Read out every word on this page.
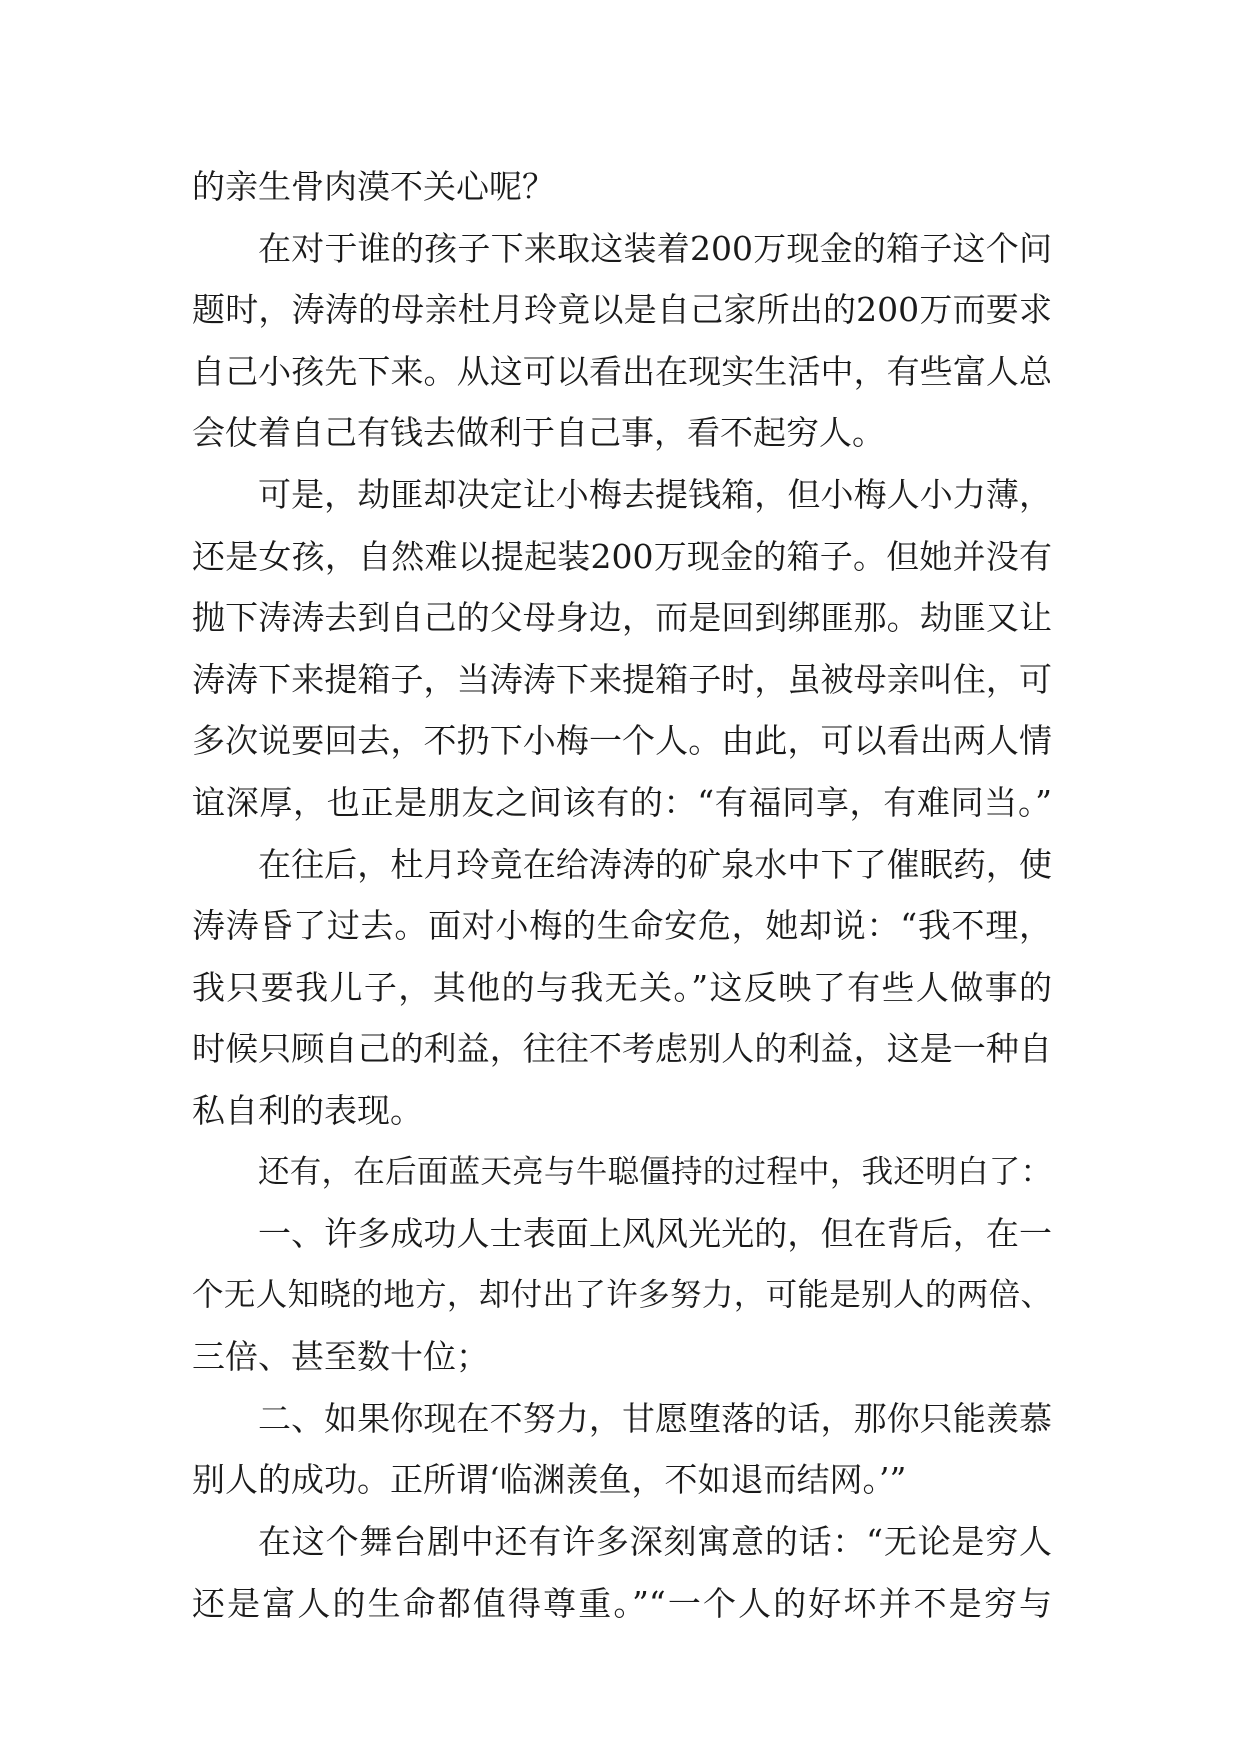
的亲生骨肉漠不关心呢？
在对于谁的孩子下来取这装着200万现金的箱子这个问
题时，涛涛的母亲杜月玲竟以是自己家所出的200万而要求
自己小孩先下来。从这可以看出在现实生活中，有些富人总
会仗着自己有钱去做利于自己事，看不起穷人。
可是，劫匪却决定让小梅去提钱箱，但小梅人小力薄，
还是女孩，自然难以提起装200万现金的箱子。但她并没有
抛下涛涛去到自己的父母身边，而是回到绑匪那。劫匪又让
涛涛下来提箱子，当涛涛下来提箱子时，虽被母亲叫住，可
多次说要回去，不扔下小梅一个人。由此，可以看出两人情
谊深厚，也正是朋友之间该有的：“有福同享，有难同当。”
在往后，杜月玲竟在给涛涛的矿泉水中下了催眠药，使
涛涛昏了过去。面对小梅的生命安危，她却说：“我不理，
我只要我儿子，其他的与我无关。”这反映了有些人做事的
时候只顾自己的利益，往往不考虑别人的利益，这是一种自
私自利的表现。
还有，在后面蓝天亮与牛聪僵持的过程中，我还明白了：
一、许多成功人士表面上风风光光的，但在背后，在一
个无人知晓的地方，却付出了许多努力，可能是别人的两倍、
三倍、甚至数十位；
二、如果你现在不努力，甘愿堕落的话，那你只能羡慕
别人的成功。正所谓‘临渊羡鱼，不如退而结网。’”
在这个舞台剧中还有许多深刻寓意的话：“无论是穷人
还是富人的生命都值得尊重。”“一个人的好坏并不是穷与
